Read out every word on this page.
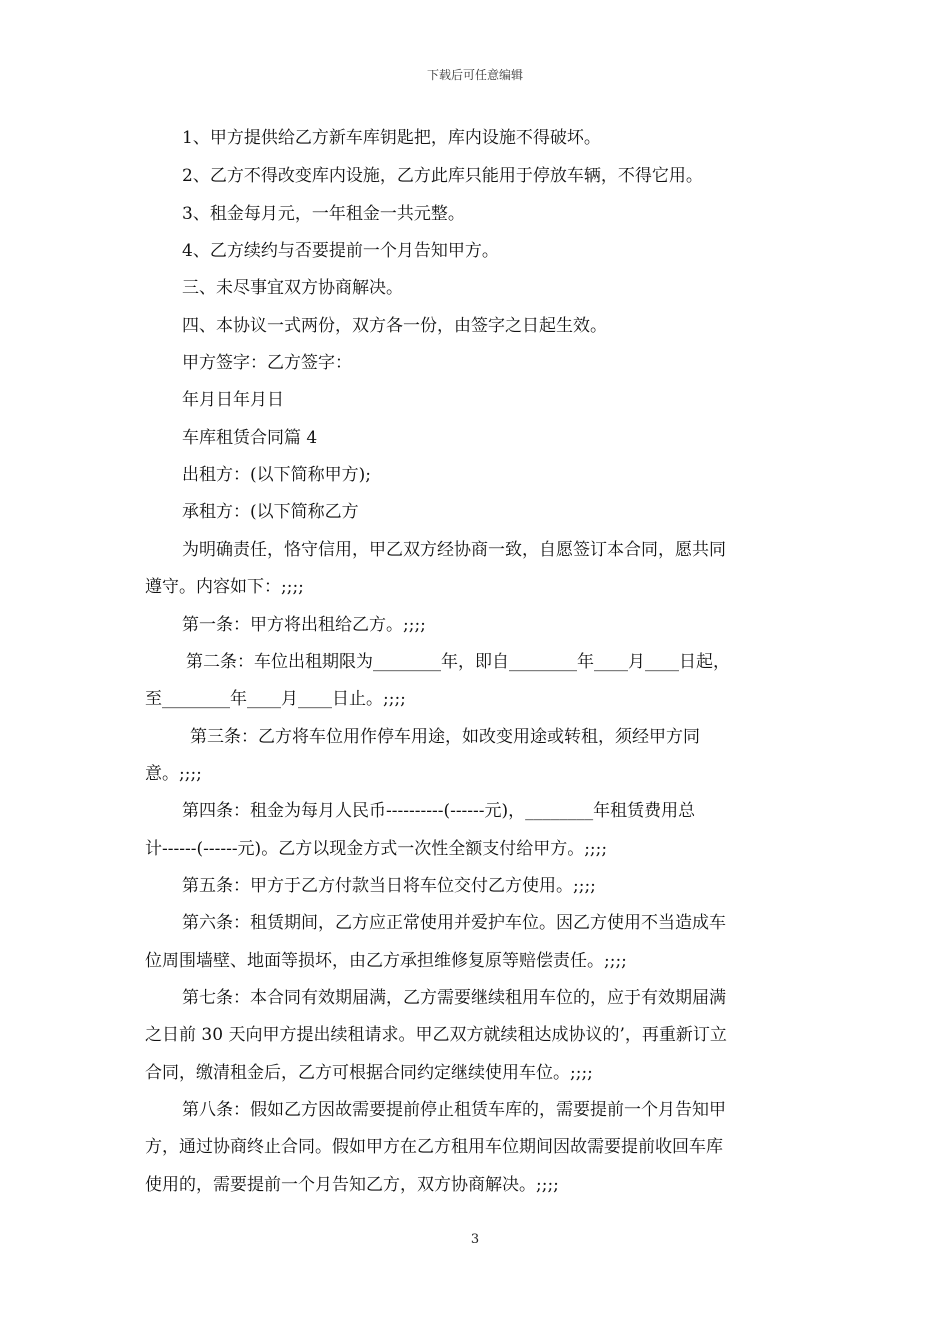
下载后可任意编辑
1、甲方提供给乙方新车库钥匙把，库内设施不得破坏。
2、乙方不得改变库内设施，乙方此库只能用于停放车辆，不得它用。
3、租金每月元，一年租金一共元整。
4、乙方续约与否要提前一个月告知甲方。
三、未尽事宜双方协商解决。
四、本协议一式两份，双方各一份，由签字之日起生效。
甲方签字：乙方签字：
年月日年月日
车库租赁合同篇 4
出租方：(以下简称甲方);
承租方：(以下简称乙方
为明确责任，恪守信用，甲乙双方经协商一致，自愿签订本合同，愿共同
遵守。内容如下：;;;;
第一条：甲方将出租给乙方。;;;;
第二条：车位出租期限为________年，即自________年____月____日起，
至________年____月____日止。;;;;
第三条：乙方将车位用作停车用途，如改变用途或转租，须经甲方同
意。;;;;
第四条：租金为每月人民币----------(------元)，________年租赁费用总
计------(------元)。乙方以现金方式一次性全额支付给甲方。;;;;
第五条：甲方于乙方付款当日将车位交付乙方使用。;;;;
第六条：租赁期间，乙方应正常使用并爱护车位。因乙方使用不当造成车
位周围墙壁、地面等损坏，由乙方承担维修复原等赔偿责任。;;;;
第七条：本合同有效期届满，乙方需要继续租用车位的，应于有效期届满
之日前 30 天向甲方提出续租请求。甲乙双方就续租达成协议的’，再重新订立
合同，缴清租金后，乙方可根据合同约定继续使用车位。;;;;
第八条：假如乙方因故需要提前停止租赁车库的，需要提前一个月告知甲
方，通过协商终止合同。假如甲方在乙方租用车位期间因故需要提前收回车库
使用的，需要提前一个月告知乙方，双方协商解决。;;;;
3
